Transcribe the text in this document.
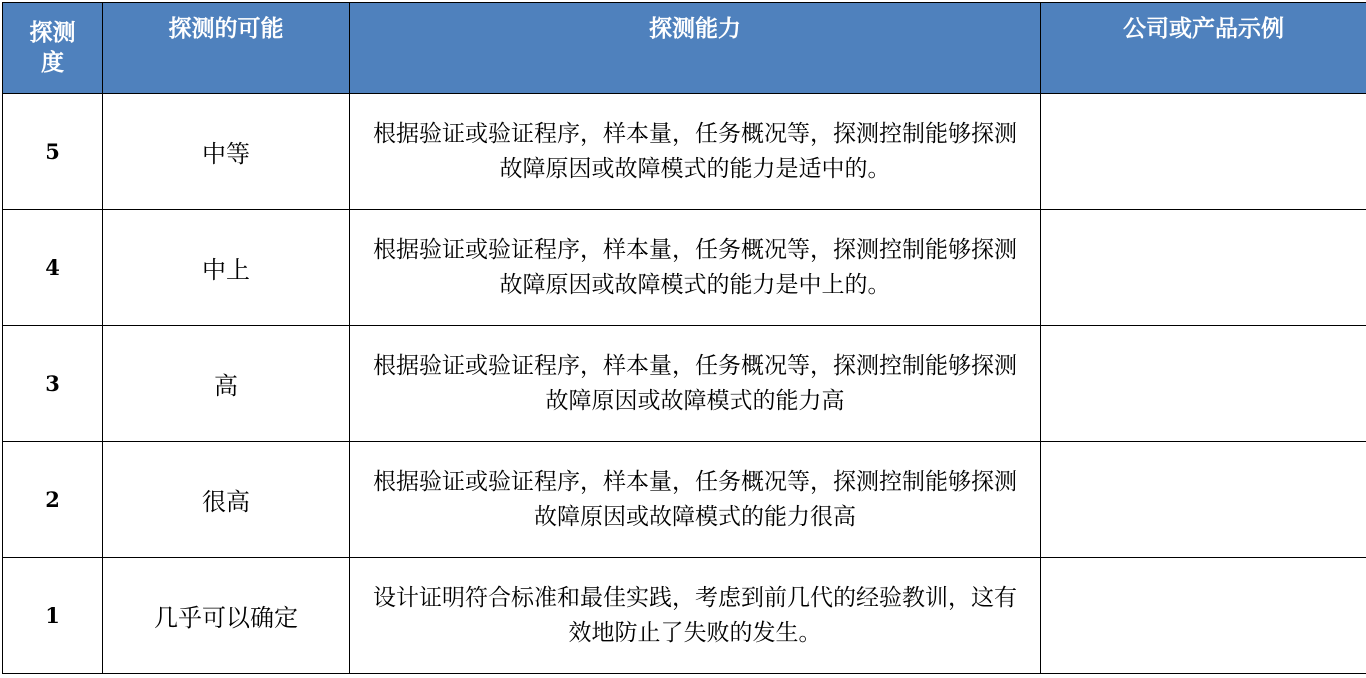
探测度	探测的可能	探测能力	公司或产品示例
5	中等	根据验证或验证程序，样本量，任务概况等，探测控制能够探测故障原因或故障模式的能力是适中的。	
4	中上	根据验证或验证程序，样本量，任务概况等，探测控制能够探测故障原因或故障模式的能力是中上的。	
3	高	根据验证或验证程序，样本量，任务概况等，探测控制能够探测故障原因或故障模式的能力高	
2	很高	根据验证或验证程序，样本量，任务概况等，探测控制能够探测故障原因或故障模式的能力很高	
1	几乎可以确定	设计证明符合标准和最佳实践，考虑到前几代的经验教训，这有效地防止了失败的发生。	
